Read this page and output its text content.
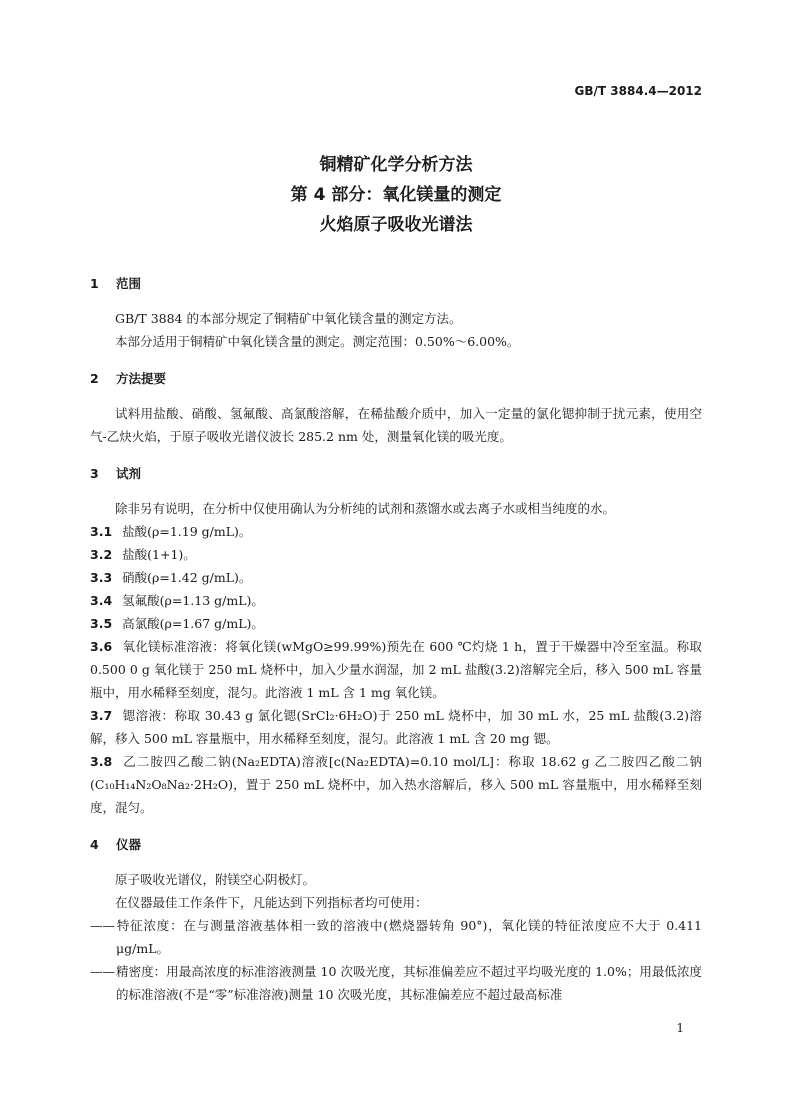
GB/T 3884.4—2012
铜精矿化学分析方法
第 4 部分：氧化镁量的测定
火焰原子吸收光谱法
1	范围

GB/T 3884 的本部分规定了铜精矿中氧化镁含量的测定方法。

本部分适用于铜精矿中氧化镁含量的测定。测定范围：0.50%～6.00%。

2	方法提要

试料用盐酸、硝酸、氢氟酸、高氯酸溶解，在稀盐酸介质中，加入一定量的氯化锶抑制于扰元素，使用空气-乙炔火焰，于原子吸收光谱仪波长 285.2 nm 处，测量氧化镁的吸光度。

3	试剂

除非另有说明，在分析中仅使用确认为分析纯的试剂和蒸馏水或去离子水或相当纯度的水。

3.1 盐酸(ρ=1.19 g/mL)。

3.2 盐酸(1+1)。

3.3 硝酸(ρ=1.42 g/mL)。

3.4 氢氟酸(ρ=1.13 g/mL)。

3.5 高氯酸(ρ=1.67 g/mL)。

3.6 氧化镁标准溶液：将氧化镁(wMgO≥99.99%)预先在 600 ℃灼烧 1 h，置于干燥器中冷至室温。称取 0.500 0 g 氧化镁于 250 mL 烧杯中，加入少量水润湿，加 2 mL 盐酸(3.2)溶解完全后，移入 500 mL 容量瓶中，用水稀释至刻度，混匀。此溶液 1 mL 含 1 mg 氧化镁。

3.7 锶溶液：称取 30.43 g 氯化锶(SrCl₂·6H₂O)于 250 mL 烧杯中，加 30 mL 水，25 mL 盐酸(3.2)溶解，移入 500 mL 容量瓶中，用水稀释至刻度，混匀。此溶液 1 mL 含 20 mg 锶。

3.8 乙二胺四乙酸二钠(Na₂EDTA)溶液[c(Na₂EDTA)=0.10 mol/L]：称取 18.62 g 乙二胺四乙酸二钠(C₁₀H₁₄N₂O₈Na₂·2H₂O)，置于 250 mL 烧杯中，加入热水溶解后，移入 500 mL 容量瓶中，用水稀释至刻度，混匀。

4	仪器

原子吸收光谱仪，附镁空心阴极灯。

在仪器最佳工作条件下，凡能达到下列指标者均可使用：

——特征浓度：在与测量溶液基体相一致的溶液中(燃烧器转角 90°)，氧化镁的特征浓度应不大于 0.411 μg/mL。

——精密度：用最高浓度的标准溶液测量 10 次吸光度，其标准偏差应不超过平均吸光度的 1.0%；用最低浓度的标准溶液(不是“零”标准溶液)测量 10 次吸光度，其标准偏差应不超过最高标准

1
